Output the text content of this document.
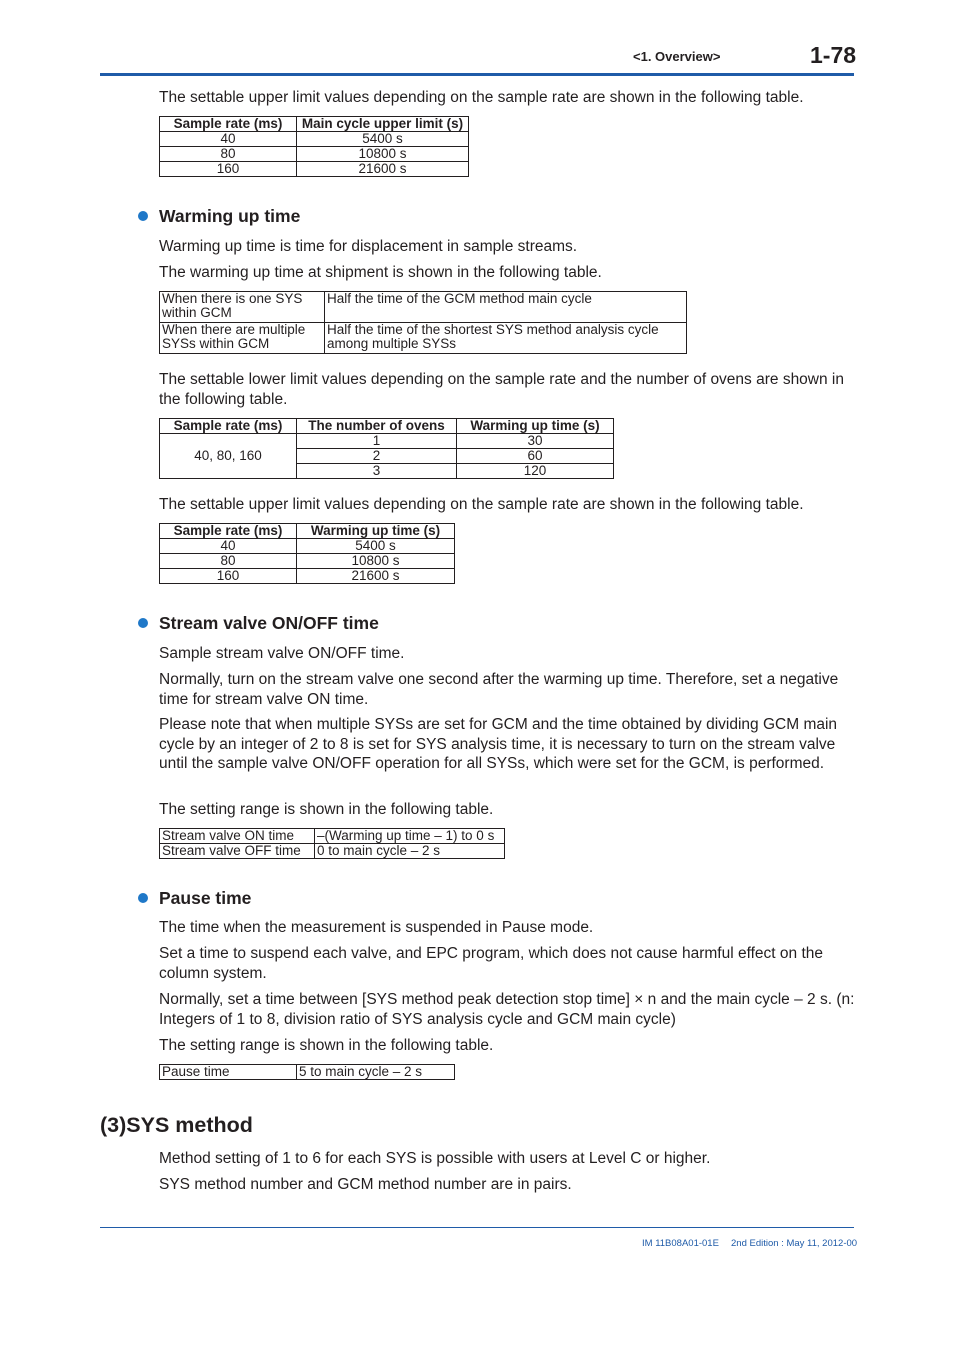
<1. Overview>	1-78
The settable upper limit values depending on the sample rate are shown in the following table.
Sample rate (ms)	Main cycle upper limit (s)
40	5400 s
80	10800 s
160	21600 s
Warming up time
Warming up time is time for displacement in sample streams.
The warming up time at shipment is shown in the following table.
When there is one SYS within GCM	Half the time of the GCM method main cycle
When there are multiple SYSs within GCM	Half the time of the shortest SYS method analysis cycle among multiple SYSs
The settable lower limit values depending on the sample rate and the number of ovens are shown in the following table.
Sample rate (ms)	The number of ovens	Warming up time (s)
40, 80, 160	1	30
	2	60
	3	120
The settable upper limit values depending on the sample rate are shown in the following table.
Sample rate (ms)	Warming up time (s)
40	5400 s
80	10800 s
160	21600 s
Stream valve ON/OFF time
Sample stream valve ON/OFF time.
Normally, turn on the stream valve one second after the warming up time. Therefore, set a negative time for stream valve ON time.
Please note that when multiple SYSs are set for GCM and the time obtained by dividing GCM main cycle by an integer of 2 to 8 is set for SYS analysis time, it is necessary to turn on the stream valve until the sample valve ON/OFF operation for all SYSs, which were set for the GCM, is performed.
The setting range is shown in the following table.
Stream valve ON time	–(Warming up time – 1) to 0 s
Stream valve OFF time	0 to main cycle – 2 s
Pause time
The time when the measurement is suspended in Pause mode.
Set a time to suspend each valve, and EPC program, which does not cause harmful effect on the column system.
Normally, set a time between [SYS method peak detection stop time] × n and the main cycle – 2 s. (n: Integers of 1 to 8, division ratio of SYS analysis cycle and GCM main cycle)
The setting range is shown in the following table.
Pause time	5 to main cycle – 2 s
(3)SYS method
Method setting of 1 to 6 for each SYS is possible with users at Level C or higher.
SYS method number and GCM method number are in pairs.
IM 11B08A01-01E 2nd Edition : May 11, 2012-00
